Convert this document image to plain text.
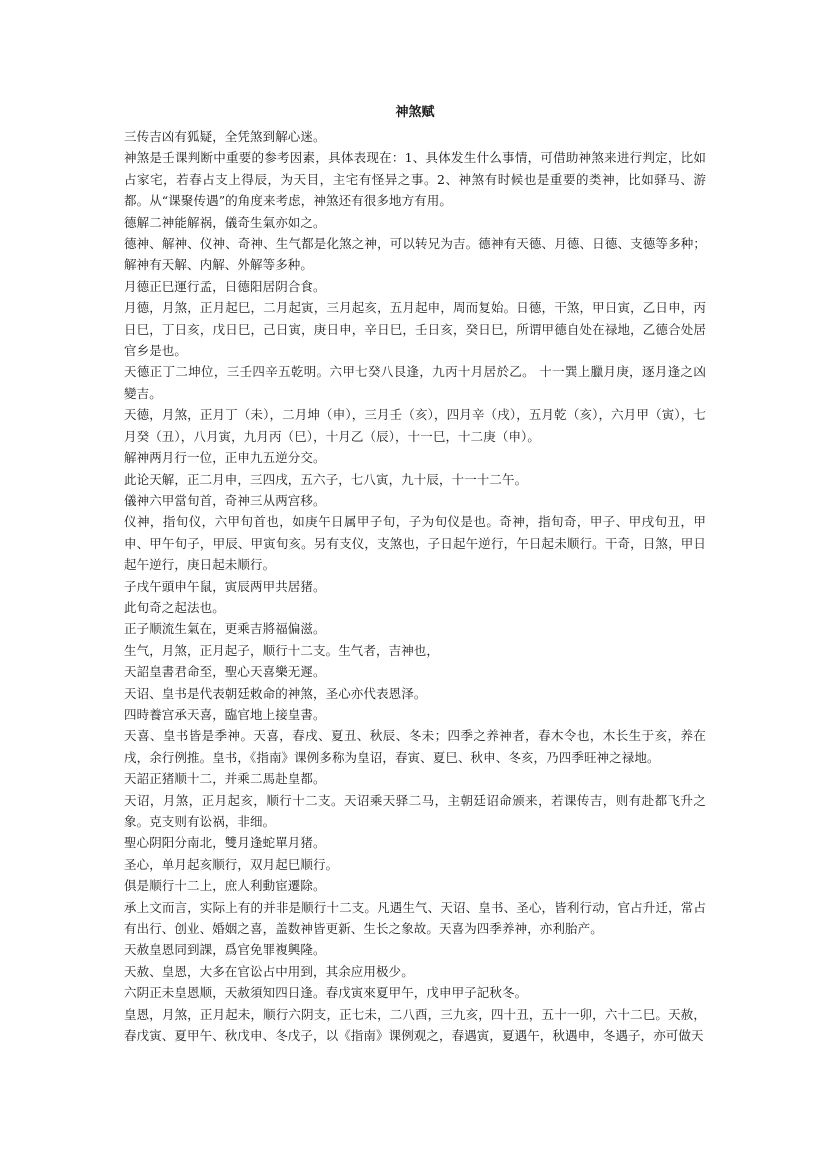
神煞赋

三传吉凶有狐疑，全凭煞到解心迷。

神煞是壬课判断中重要的参考因素，具体表现在：1、具体发生什么事情，可借助神煞来进行判定，比如占家宅，若春占支上得辰，为天目，主宅有怪异之事。2、神煞有时候也是重要的类神，比如驿马、游都。从“课聚传遇”的角度来考虑，神煞还有很多地方有用。

德解二神能解祸，儀奇生氣亦如之。

德神、解神、仪神、奇神、生气都是化煞之神，可以转兄为吉。德神有天德、月德、日德、支德等多种；解神有天解、内解、外解等多种。

月德正巳運行孟，日德阳居阴合食。

月德，月煞，正月起巳，二月起寅，三月起亥，五月起申，周而复始。日德，干煞，甲日寅，乙日申，丙日巳，丁日亥，戊日巳，己日寅，庚日申，辛日巳，壬日亥，癸日巳，所谓甲德自处在禄地，乙德合处居官乡是也。

天德正丁二坤位，三壬四辛五乾明。六甲七癸八艮逢，九丙十月居於乙。 十一巽上臘月庚，逐月逢之凶變吉。

天德，月煞，正月丁（未），二月坤（申），三月壬（亥），四月辛（戌），五月乾（亥），六月甲（寅），七月癸（丑），八月寅，九月丙（巳），十月乙（辰），十一巳，十二庚（申）。

解神两月行一位，正申九五逆分交。

此论天解，正二月申，三四戌，五六子，七八寅，九十辰，十一十二午。

儀神六甲當旬首，奇神三从两宫移。

仪神，指旬仪，六甲旬首也，如庚午日属甲子旬，子为旬仪是也。奇神，指旬奇，甲子、甲戌旬丑，甲申、甲午旬子，甲辰、甲寅旬亥。另有支仪，支煞也，子日起午逆行，午日起未顺行。干奇，日煞，甲日起午逆行，庚日起未顺行。

子戌午頭申午鼠，寅辰两甲共居猪。

此旬奇之起法也。

正子顺流生氣在，更乘吉將福偏滋。

生气，月煞，正月起子，顺行十二支。生气者，吉神也，

天詔皇書君命至，聖心天喜樂无遲。

天诏、皇书是代表朝廷敕命的神煞，圣心亦代表恩泽。

四時養宫承天喜，臨官地上接皇書。

天喜、皇书皆是季神。天喜，春戌、夏丑、秋辰、冬未；四季之养神者，春木令也，木长生于亥，养在戌，余行例推。皇书，《指南》课例多称为皇诏，春寅、夏巳、秋申、冬亥，乃四季旺神之禄地。

天詔正猪顺十二，并乘二馬赴皇都。

天诏，月煞，正月起亥，顺行十二支。天诏乘天驿二马，主朝廷诏命颁来，若课传吉，则有赴都飞升之象。克支则有讼祸，非细。

聖心阴阳分南北，雙月逢蛇單月猪。

圣心，单月起亥顺行，双月起巳顺行。

俱是顺行十二上，庶人利動宦遷除。

承上文而言，实际上有的并非是顺行十二支。凡遇生气、天诏、皇书、圣心，皆利行动，官占升迁，常占有出行、创业、婚姻之喜，盖数神皆更新、生长之象故。天喜为四季养神，亦利胎产。

天赦皇恩同到課，爲官免罪複興隆。

天赦、皇恩，大多在官讼占中用到，其余应用极少。

六阴正未皇恩顺，天赦須知四日逢。春戊寅來夏甲午，戊申甲子記秋冬。

皇恩，月煞，正月起未，顺行六阴支，正七未，二八酉，三九亥，四十丑，五十一卯，六十二巳。天赦，春戊寅、夏甲午、秋戊申、冬戊子，以《指南》课例观之，春遇寅，夏遇午，秋遇申，冬遇子，亦可做天
